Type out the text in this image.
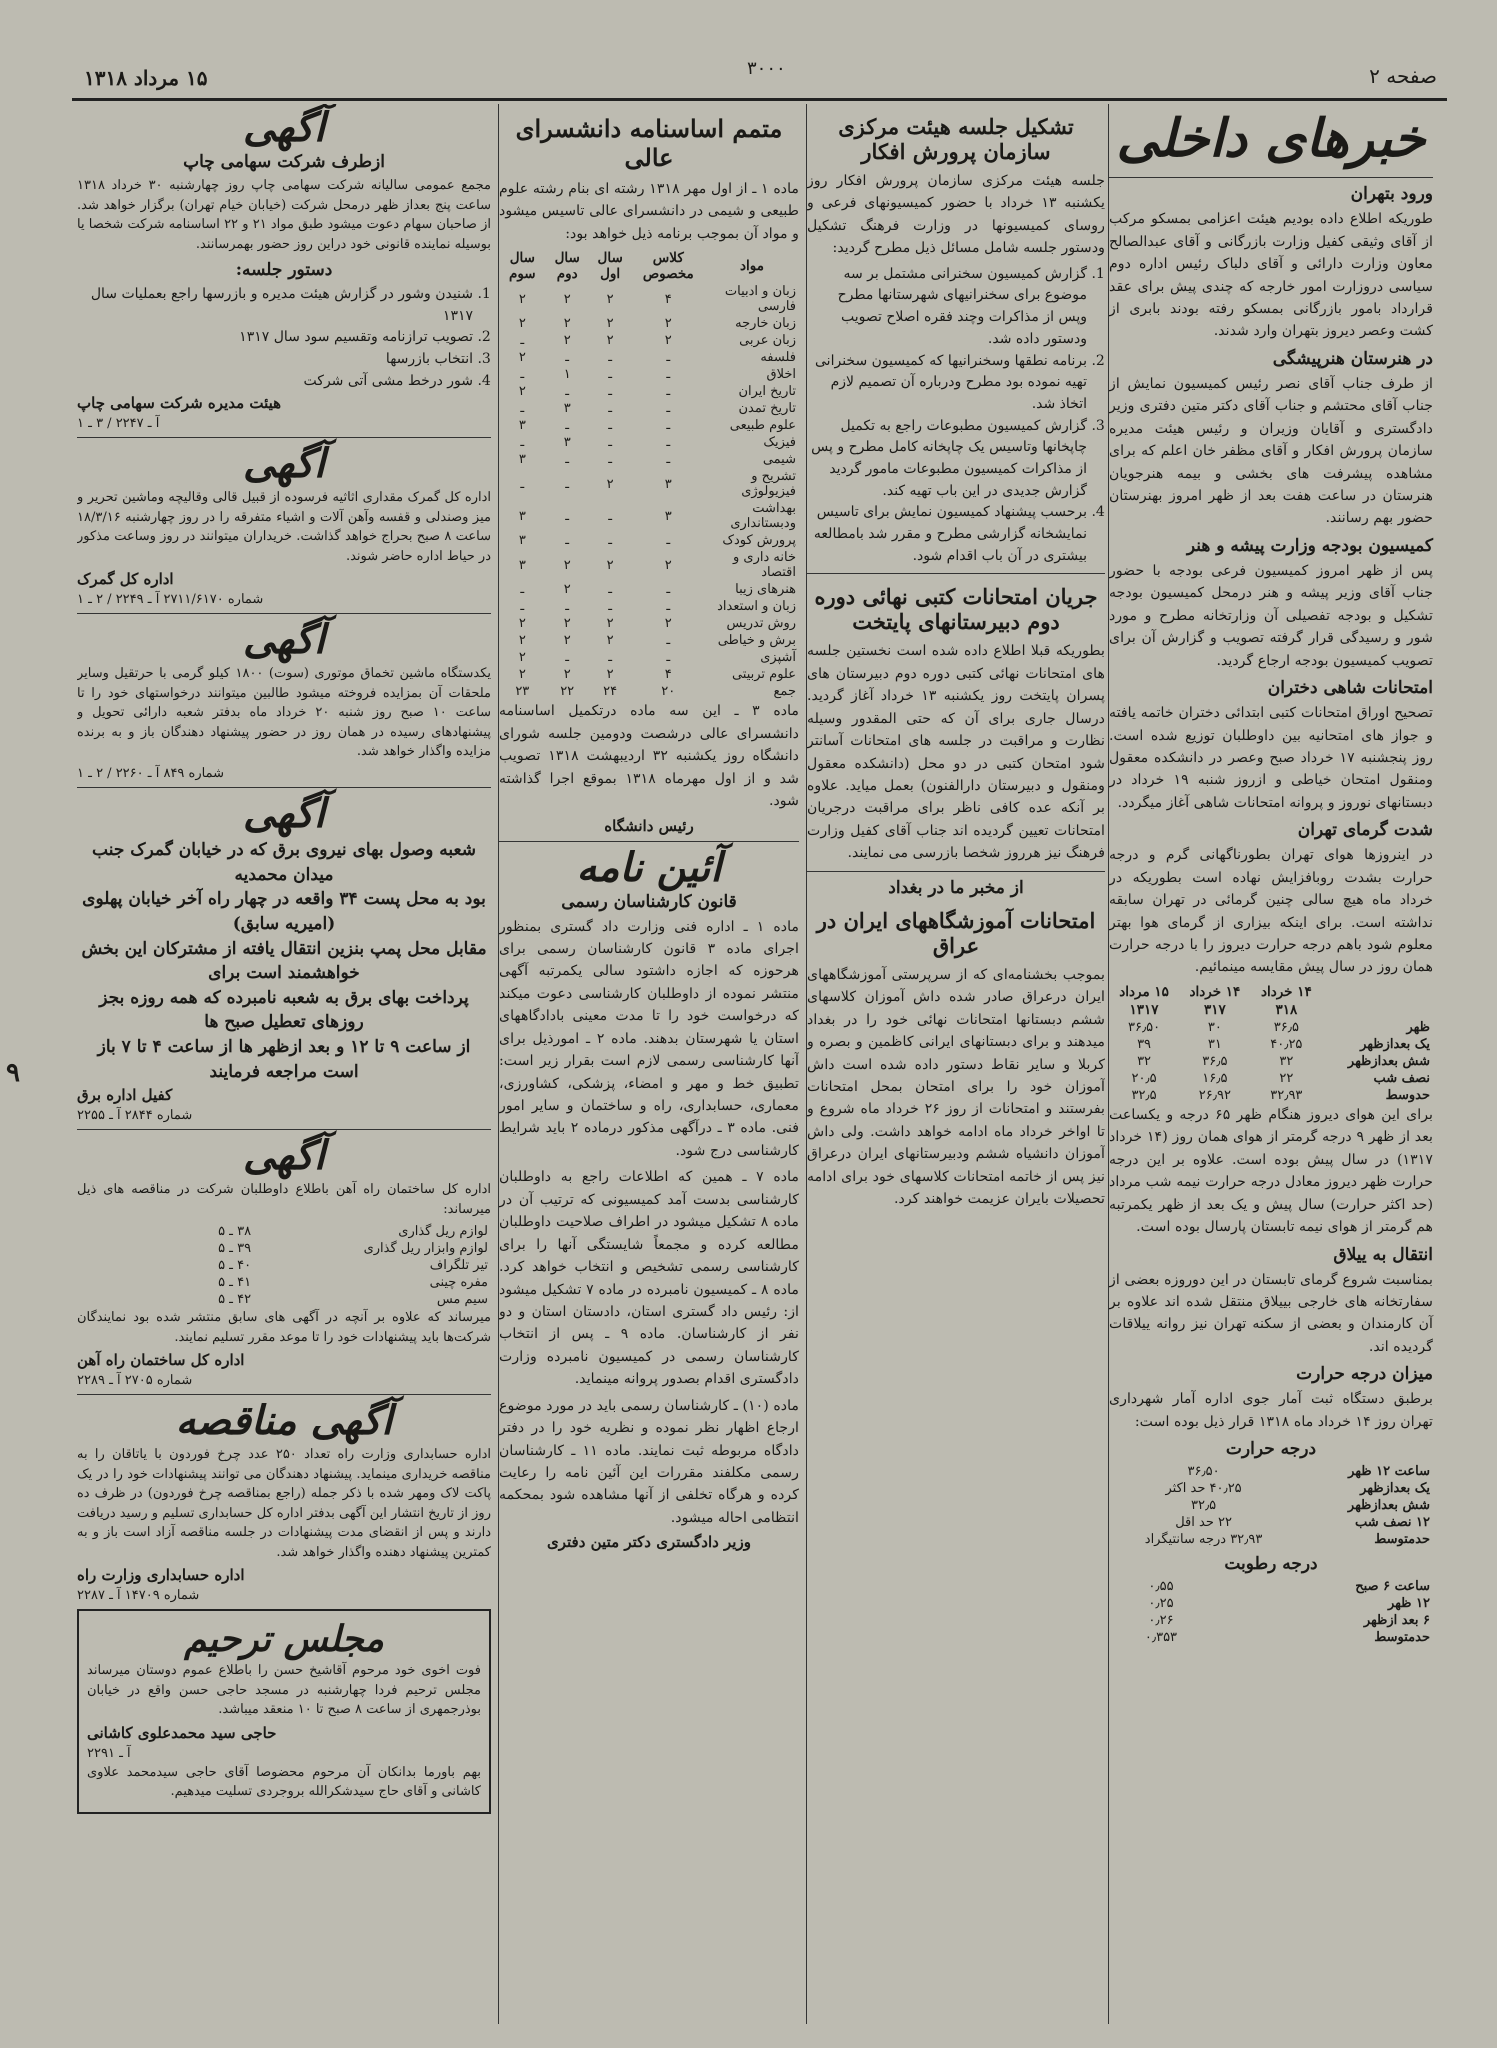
صفحه ۲
۳۰۰۰
۱۵ مرداد ۱۳۱۸
خبرهای داخلی
ورود بتهران

طوریکه اطلاع داده بودیم هیئت اعزامی بمسکو مرکب از آقای وثیقی کفیل وزارت بازرگانی و آقای عبدالصالح معاون وزارت دارائی و آقای دلباک رئیس اداره دوم سیاسی دروزارت امور خارجه که چندی پیش برای عقد قرارداد بامور بازرگانی بمسکو رفته بودند بابری از کشت وعصر دیروز بتهران وارد شدند.

در هنرستان هنرپیشگی

از طرف جناب آقای نصر رئیس کمیسیون نمایش از جناب آقای محتشم و جناب آقای دکتر متین دفتری وزیر دادگستری و آقایان وزیران و رئیس هیئت مدیره سازمان پرورش افکار و آقای مظفر خان اعلم که برای مشاهده پیشرفت های بخشی و بیمه هنرجویان هنرستان در ساعت هفت بعد از ظهر امروز بهنرستان حضور بهم رسانند.

کمیسیون بودجه وزارت پیشه و هنر

پس از ظهر امروز کمیسیون فرعی بودجه با حضور جناب آقای وزیر پیشه و هنر درمحل کمیسیون بودجه تشکیل و بودجه تفصیلی آن وزارتخانه مطرح و مورد شور و رسیدگی قرار گرفته تصویب و گزارش آن برای تصویب کمیسیون بودجه ارجاع گردید.

امتحانات شاهی دختران

تصحیح اوراق امتحانات کتبی ابتدائی دختران خاتمه یافته و جواز های امتحانیه بین داوطلبان توزیع شده است. روز پنجشنبه ۱۷ خرداد صبح وعصر در دانشکده معقول ومنقول امتحان خیاطی و ازروز شنبه ۱۹ خرداد در دبستانهای نوروز و پروانه امتحانات شاهی آغاز میگردد.

شدت گرمای تهران

در اینروزها هوای تهران بطورناگهانی گرم و درجه حرارت بشدت روبافزایش نهاده است بطوریکه در خرداد ماه هیچ سالی چنین گرمائی در تهران سابقه نداشته است. برای اینکه بیزاری از گرمای هوا بهتر معلوم شود باهم درجه حرارت دیروز را با درجه حرارت همان روز در سال پیش مقایسه مینمائیم.

	۱۴ خرداد	۱۴ خرداد	۱۵ مرداد
	۳۱۸	۳۱۷	۱۳۱۷
ظهر	۳۶٫۵	۳۰	۳۶٫۵۰
یک بعدازظهر	۴۰٫۲۵	۳۱	۳۹
شش بعدازظهر	۳۲	۳۶٫۵	۳۲
نصف شب	۲۲	۱۶٫۵	۲۰٫۵
حدوسط	۳۲٫۹۳	۲۶٫۹۲	۳۲٫۵

برای این هوای دیروز هنگام ظهر ۶۵ درجه و یکساعت بعد از ظهر ۹ درجه گرمتر از هوای همان روز (۱۴ خرداد ۱۳۱۷) در سال پیش بوده است. علاوه بر این درجه حرارت ظهر دیروز معادل درجه حرارت نیمه شب مرداد (حد اکثر حرارت) سال پیش و یک بعد از ظهر یکمرتبه هم گرمتر از هوای نیمه تابستان پارسال بوده است.

انتقال به ییلاق

بمناسبت شروع گرمای تابستان در این دوروزه بعضی از سفارتخانه های خارجی بییلاق منتقل شده اند علاوه بر آن کارمندان و بعضی از سکنه تهران نیز روانه ییلاقات گردیده اند.

میزان درجه حرارت

برطبق دستگاه ثبت آمار جوی اداره آمار شهرداری تهران روز ۱۴ خرداد ماه ۱۳۱۸ قرار ذیل بوده است:

درجه حرارت
ساعت ۱۲ ظهر	۳۶٫۵۰
یک بعدازظهر	۴۰٫۲۵ حد اکثر
شش بعدازظهر	۳۲٫۵
۱۲ نصف شب	۲۲ حد اقل
حدمتوسط	۳۲٫۹۳ درجه سانتیگراد
درجه رطوبت
ساعت ۶ صبح	۰٫۵۵
۱۲ ظهر	۰٫۲۵
۶ بعد ازظهر	۰٫۲۶
حدمتوسط	۰٫۳۵۳
تشکیل جلسه هیئت مرکزی سازمان پرورش افکار

جلسه هیئت مرکزی سازمان پرورش افکار روز یکشنبه ۱۳ خرداد با حضور کمیسیونهای فرعی و روسای کمیسیونها در وزارت فرهنگ تشکیل ودستور جلسه شامل مسائل ذیل مطرح گردید:

1. گزارش کمیسیون سخنرانی مشتمل بر سه موضوع برای سخنرانیهای شهرستانها مطرح وپس از مذاکرات وچند فقره اصلاح تصویب ودستور داده شد.
2. برنامه نطقها وسخنرانیها که کمیسیون سخنرانی تهیه نموده بود مطرح ودرباره آن تصمیم لازم اتخاذ شد.
3. گزارش کمیسیون مطبوعات راجع به تکمیل چاپخانها وتاسیس یک چاپخانه کامل مطرح و پس از مذاکرات کمیسیون مطبوعات مامور گردید گزارش جدیدی در این باب تهیه کند.
4. برحسب پیشنهاد کمیسیون نمایش برای تاسیس نمایشخانه گزارشی مطرح و مقرر شد بامطالعه بیشتری در آن باب اقدام شود.
جریان امتحانات کتبی نهائی دوره دوم دبیرستانهای پایتخت

بطوریکه قبلا اطلاع داده شده است نخستین جلسه های امتحانات نهائی کتبی دوره دوم دبیرستان های پسران پایتخت روز یکشنبه ۱۳ خرداد آغاز گردید. درسال جاری برای آن که حتی المقدور وسیله نظارت و مراقبت در جلسه های امتحانات آسانتر شود امتحان کتبی در دو محل (دانشکده معقول ومنقول و دبیرستان دارالفنون) بعمل میاید. علاوه بر آنکه عده کافی ناظر برای مراقبت درجریان امتحانات تعیین گردیده اند جناب آقای کفیل وزارت فرهنگ نیز هرروز شخصا بازرسی می نمایند.

از مخبر ما در بغداد
امتحانات آموزشگاههای ایران در عراق

بموجب بخشنامه‌ای که از سرپرستی آموزشگاههای ایران درعراق صادر شده داش آموزان کلاسهای ششم دبستانها امتحانات نهائی خود را در بغداد میدهند و برای دبستانهای ایرانی کاظمین و بصره و کربلا و سایر نقاط دستور داده شده است داش آموزان خود را برای امتحان بمحل امتحانات بفرستند و امتحانات از روز ۲۶ خرداد ماه شروع و تا اواخر خرداد ماه ادامه خواهد داشت. ولی داش آموزان دانشیاه ششم ودبیرستانهای ایران درعراق نیز پس از خاتمه امتحانات کلاسهای خود برای ادامه تحصیلات بایران عزیمت خواهند کرد.

متمم اساسنامه دانشسرای عالی

ماده ۱ ـ از اول مهر ۱۳۱۸ رشته ای بنام رشته علوم طبیعی و شیمی در دانشسرای عالی تاسیس میشود و مواد آن بموجب برنامه ذیل خواهد بود:

مواد	کلاس مخصوص	سال اول	سال دوم	سال سوم
زبان و ادبیات فارسی	۴	۲	۲	۲
زبان خارجه	۲	۲	۲	۲
زبان عربی	۲	۲	۲	ـ
فلسفه	ـ	ـ	ـ	۲
اخلاق	ـ	ـ	۱	ـ
تاریخ ایران	ـ	ـ	ـ	۲
تاریخ تمدن	ـ	ـ	۳	ـ
علوم طبیعی	ـ	ـ	ـ	۳
فیزیک	ـ	ـ	۳	ـ
شیمی	ـ	ـ	ـ	۳
تشریح و فیزیولوژی	۳	۲	ـ	ـ
بهداشت ودبستانداری	۳	ـ	ـ	۳
پرورش کودک	ـ	ـ	ـ	۳
خانه داری و اقتصاد	۲	۲	۲	۳
هنرهای زیبا	ـ	ـ	۲	ـ
زبان و استعداد	ـ	ـ	ـ	ـ
روش تدریس	۲	۲	۲	۲
برش و خیاطی	ـ	۲	۲	۲
آشپزی	ـ	ـ	ـ	۲
علوم تربیتی	۴	۲	۲	۲
جمع	۲۰	۲۴	۲۲	۲۳

ماده ۳ ـ این سه ماده درتکمیل اساسنامه دانشسرای عالی درشصت ودومین جلسه شورای دانشگاه روز یکشنبه ۳۲ اردیبهشت ۱۳۱۸ تصویب شد و از اول مهرماه ۱۳۱۸ بموقع اجرا گذاشته شود.

رئیس دانشگاه
آئین نامه
قانون کارشناسان رسمی

ماده ۱ ـ اداره فنی وزارت داد گستری بمنظور اجرای ماده ۳ قانون کارشناسان رسمی برای هرحوزه که اجازه داشتود سالی یکمرتبه آگهی منتشر نموده از داوطلبان کارشناسی دعوت میکند که درخواست خود را تا مدت معینی بادادگاههای استان یا شهرستان بدهند. ماده ۲ ـ امورذیل برای آنها کارشناسی رسمی لازم است بقرار زیر است: تطبیق خط و مهر و امضاء، پزشکی، کشاورزی، معماری، حسابداری، راه و ساختمان و سایر امور فنی. ماده ۳ ـ درآگهی مذکور درماده ۲ باید شرایط کارشناسی درج شود.

ماده ۷ ـ همین که اطلاعات راجع به داوطلبان کارشناسی بدست آمد کمیسیونی که ترتیب آن در ماده ۸ تشکیل میشود در اطراف صلاحیت داوطلبان مطالعه کرده و مجمعاً شایستگی آنها را برای کارشناسی رسمی تشخیص و انتخاب خواهد کرد. ماده ۸ ـ کمیسیون نامبرده در ماده ۷ تشکیل میشود از: رئیس داد گستری استان، دادستان استان و دو نفر از کارشناسان. ماده ۹ ـ پس از انتخاب کارشناسان رسمی در کمیسیون نامبرده وزارت دادگستری اقدام بصدور پروانه مینماید.

ماده (۱۰) ـ کارشناسان رسمی باید در مورد موضوع ارجاع اظهار نظر نموده و نظریه خود را در دفتر دادگاه مربوطه ثبت نمایند. ماده ۱۱ ـ کارشناسان رسمی مکلفند مقررات این آئین نامه را رعایت کرده و هرگاه تخلفی از آنها مشاهده شود بمحکمه انتظامی احاله میشود.

وزیر دادگستری دکتر متین دفتری
آگهی
ازطرف شرکت سهامی چاپ

مجمع عمومی سالیانه شرکت سهامی چاپ روز چهارشنبه ۳۰ خرداد ۱۳۱۸ ساعت پنج بعداز ظهر درمحل شرکت (خیابان خیام تهران) برگزار خواهد شد. از صاحبان سهام دعوت میشود طبق مواد ۲۱ و ۲۲ اساسنامه شرکت شخصا یا بوسیله نماینده قانونی خود دراین روز حضور بهمرسانند.

دستور جلسه:
1. شنیدن وشور در گزارش هیئت مدیره و بازرسها راجع بعملیات سال ۱۳۱۷
2. تصویب ترازنامه وتقسیم سود سال ۱۳۱۷
3. انتخاب بازرسها
4. شور درخط مشی آتی شرکت
هیئت مدیره شرکت سهامی چاپ
آ ـ ۲۲۴۷ / ۳ ـ ۱
آگهی

اداره کل گمرک مقداری اثاثیه فرسوده از قبیل قالی وقالیچه وماشین تحریر و میز وصندلی و قفسه وآهن آلات و اشیاء متفرقه را در روز چهارشنبه ۱۸/۳/۱۶ ساعت ۸ صبح بحراج خواهد گذاشت. خریداران میتوانند در روز وساعت مذکور در حیاط اداره حاضر شوند.

اداره کل گمرک
شماره ۲۷۱۱/۶۱۷۰ آ ـ ۲۲۴۹ / ۲ ـ ۱
آگهی

یکدستگاه ماشین تخماق موتوری (سوت) ۱۸۰۰ کیلو گرمی با حرتقیل وسایر ملحقات آن بمزایده فروخته میشود طالبین میتوانند درخواستهای خود را تا ساعت ۱۰ صبح روز شنبه ۲۰ خرداد ماه بدفتر شعبه دارائی تحویل و پیشنهادهای رسیده در همان روز در حضور پیشنهاد دهندگان باز و به برنده مزایده واگذار خواهد شد.

شماره ۸۴۹ آ ـ ۲۲۶۰ / ۲ ـ ۱
آگهی

شعبه وصول بهای نیروی برق که در خیابان گمرک جنب میدان محمدیه

بود به محل پست ۳۴ واقعه در چهار راه آخر خیابان پهلوی (امیریه سابق)

مقابل محل پمپ بنزین انتقال یافته از مشترکان این بخش خواهشمند است برای

پرداخت بهای برق به شعبه نامبرده که همه روزه بجز روزهای تعطیل صبح ها

از ساعت ۹ تا ۱۲ و بعد ازظهر ها از ساعت ۴ تا ۷ باز است مراجعه فرمایند

کفیل اداره برق
شماره ۲۸۴۴ آ ـ ۲۲۵۵
آگهی

اداره کل ساختمان راه آهن باطلاع داوطلبان شرکت در مناقصه های ذیل میرساند:

لوازم ریل گذاری	۳۸ ـ ۵
لوازم وابزار ریل گذاری	۳۹ ـ ۵
تیر تلگراف	۴۰ ـ ۵
مفره چینی	۴۱ ـ ۵
سیم مس	۴۲ ـ ۵

میرساند که علاوه بر آنچه در آگهی های سابق منتشر شده بود نمایندگان شرکت‌ها باید پیشنهادات خود را تا موعد مقرر تسلیم نمایند.

اداره کل ساختمان راه آهن
شماره ۲۷۰۵ آ ـ ۲۲۸۹
آگهی مناقصه

اداره حسابداری وزارت راه تعداد ۲۵۰ عدد چرخ فوردون با یاتاقان را به مناقصه خریداری مینماید. پیشنهاد دهندگان می توانند پیشنهادات خود را در یک پاکت لاک ومهر شده با ذکر جمله (راجع بمناقصه چرخ فوردون) در ظرف ده روز از تاریخ انتشار این آگهی بدفتر اداره کل حسابداری تسلیم و رسید دریافت دارند و پس از انقضای مدت پیشنهادات در جلسه مناقصه آزاد است باز و به کمترین پیشنهاد دهنده واگذار خواهد شد.

اداره حسابداری وزارت راه
شماره ۱۴۷۰۹ آ ـ ۲۲۸۷
مجلس ترحیم

فوت اخوی خود مرحوم آقاشیخ حسن را باطلاع عموم دوستان میرساند مجلس ترحیم فردا چهارشنبه در مسجد حاجی حسن واقع در خیابان بوذرجمهری از ساعت ۸ صبح تا ۱۰ منعقد میباشد.

حاجی سید محمدعلوی کاشانی
آ ـ ۲۲۹۱

بهم باورما بدانکان آن مرحوم محضوصا آقای حاجی سیدمحمد علاوی کاشانی و آقای حاج سیدشکرالله بروجردی تسلیت میدهیم.

۹
